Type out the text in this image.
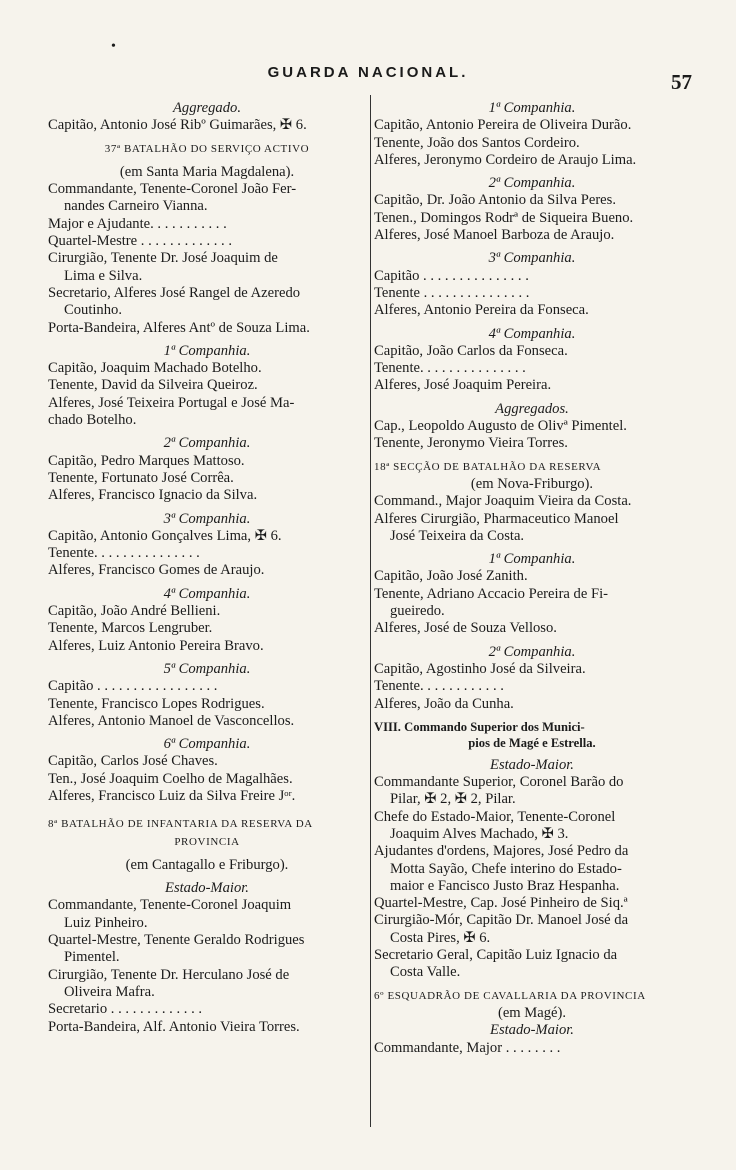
•
GUARDA NACIONAL.	57
Aggregado.
Capitão, Antonio José Ribº Guimarães, ✠ 6.
37ª BATALHÃO DO SERVIÇO ACTIVO
(em Santa Maria Magdalena).
Commandante, Tenente-Coronel João Fer-
nandes Carneiro Vianna.
Major e Ajudante. . . . . . . . . . .
Quartel-Mestre . . . . . . . . . . . . .
Cirurgião, Tenente Dr. José Joaquim de
Lima e Silva.
Secretario, Alferes José Rangel de Azeredo
Coutinho.
Porta-Bandeira, Alferes Antº de Souza Lima.
1ª Companhia.
Capitão, Joaquim Machado Botelho.
Tenente, David da Silveira Queiroz.
Alferes, José Teixeira Portugal e José Ma-
chado Botelho.
2ª Companhia.
Capitão, Pedro Marques Mattoso.
Tenente, Fortunato José Corrêa.
Alferes, Francisco Ignacio da Silva.
3ª Companhia.
Capitão, Antonio Gonçalves Lima, ✠ 6.
Tenente. . . . . . . . . . . . . . .
Alferes, Francisco Gomes de Araujo.
4ª Companhia.
Capitão, João André Bellieni.
Tenente, Marcos Lengruber.
Alferes, Luiz Antonio Pereira Bravo.
5ª Companhia.
Capitão . . . . . . . . . . . . . . . . .
Tenente, Francisco Lopes Rodrigues.
Alferes, Antonio Manoel de Vasconcellos.
6ª Companhia.
Capitão, Carlos José Chaves.
Ten., José Joaquim Coelho de Magalhães.
Alferes, Francisco Luiz da Silva Freire Jᵒʳ.
8ª BATALHÃO DE INFANTARIA DA RESERVA DA
PROVINCIA
(em Cantagallo e Friburgo).
Estado-Maior.
Commandante, Tenente-Coronel Joaquim
Luiz Pinheiro.
Quartel-Mestre, Tenente Geraldo Rodrigues
Pimentel.
Cirurgião, Tenente Dr. Herculano José de
Oliveira Mafra.
Secretario . . . . . . . . . . . . .
Porta-Bandeira, Alf. Antonio Vieira Torres.
1ª Companhia.
Capitão, Antonio Pereira de Oliveira Durão.
Tenente, João dos Santos Cordeiro.
Alferes, Jeronymo Cordeiro de Araujo Lima.
2ª Companhia.
Capitão, Dr. João Antonio da Silva Peres.
Tenen., Domingos Rodrª de Siqueira Bueno.
Alferes, José Manoel Barboza de Araujo.
3ª Companhia.
Capitão . . . . . . . . . . . . . . .
Tenente . . . . . . . . . . . . . . .
Alferes, Antonio Pereira da Fonseca.
4ª Companhia.
Capitão, João Carlos da Fonseca.
Tenente. . . . . . . . . . . . . . .
Alferes, José Joaquim Pereira.
Aggregados.
Cap., Leopoldo Augusto de Olivª Pimentel.
Tenente, Jeronymo Vieira Torres.
18ª SECÇÃO DE BATALHÃO DA RESERVA
(em Nova-Friburgo).
Command., Major Joaquim Vieira da Costa.
Alferes Cirurgião, Pharmaceutico Manoel
José Teixeira da Costa.
1ª Companhia.
Capitão, João José Zanith.
Tenente, Adriano Accacio Pereira de Fi-
gueiredo.
Alferes, José de Souza Velloso.
2ª Companhia.
Capitão, Agostinho José da Silveira.
Tenente. . . . . . . . . . . .
Alferes, João da Cunha.
VIII. Commando Superior dos Munici-
pios de Magé e Estrella.
Estado-Maior.
Commandante Superior, Coronel Barão do
Pilar, ✠ 2, ✠ 2, Pilar.
Chefe do Estado-Maior, Tenente-Coronel
Joaquim Alves Machado, ✠ 3.
Ajudantes d'ordens, Majores, José Pedro da
Motta Sayão, Chefe interino do Estado-
maior e Fancisco Justo Braz Hespanha.
Quartel-Mestre, Cap. José Pinheiro de Siq.ª
Cirurgião-Mór, Capitão Dr. Manoel José da
Costa Pires, ✠ 6.
Secretario Geral, Capitão Luiz Ignacio da
Costa Valle.
6º ESQUADRÃO DE CAVALLARIA DA PROVINCIA
(em Magé).
Estado-Maior.
Commandante, Major . . . . . . . .
